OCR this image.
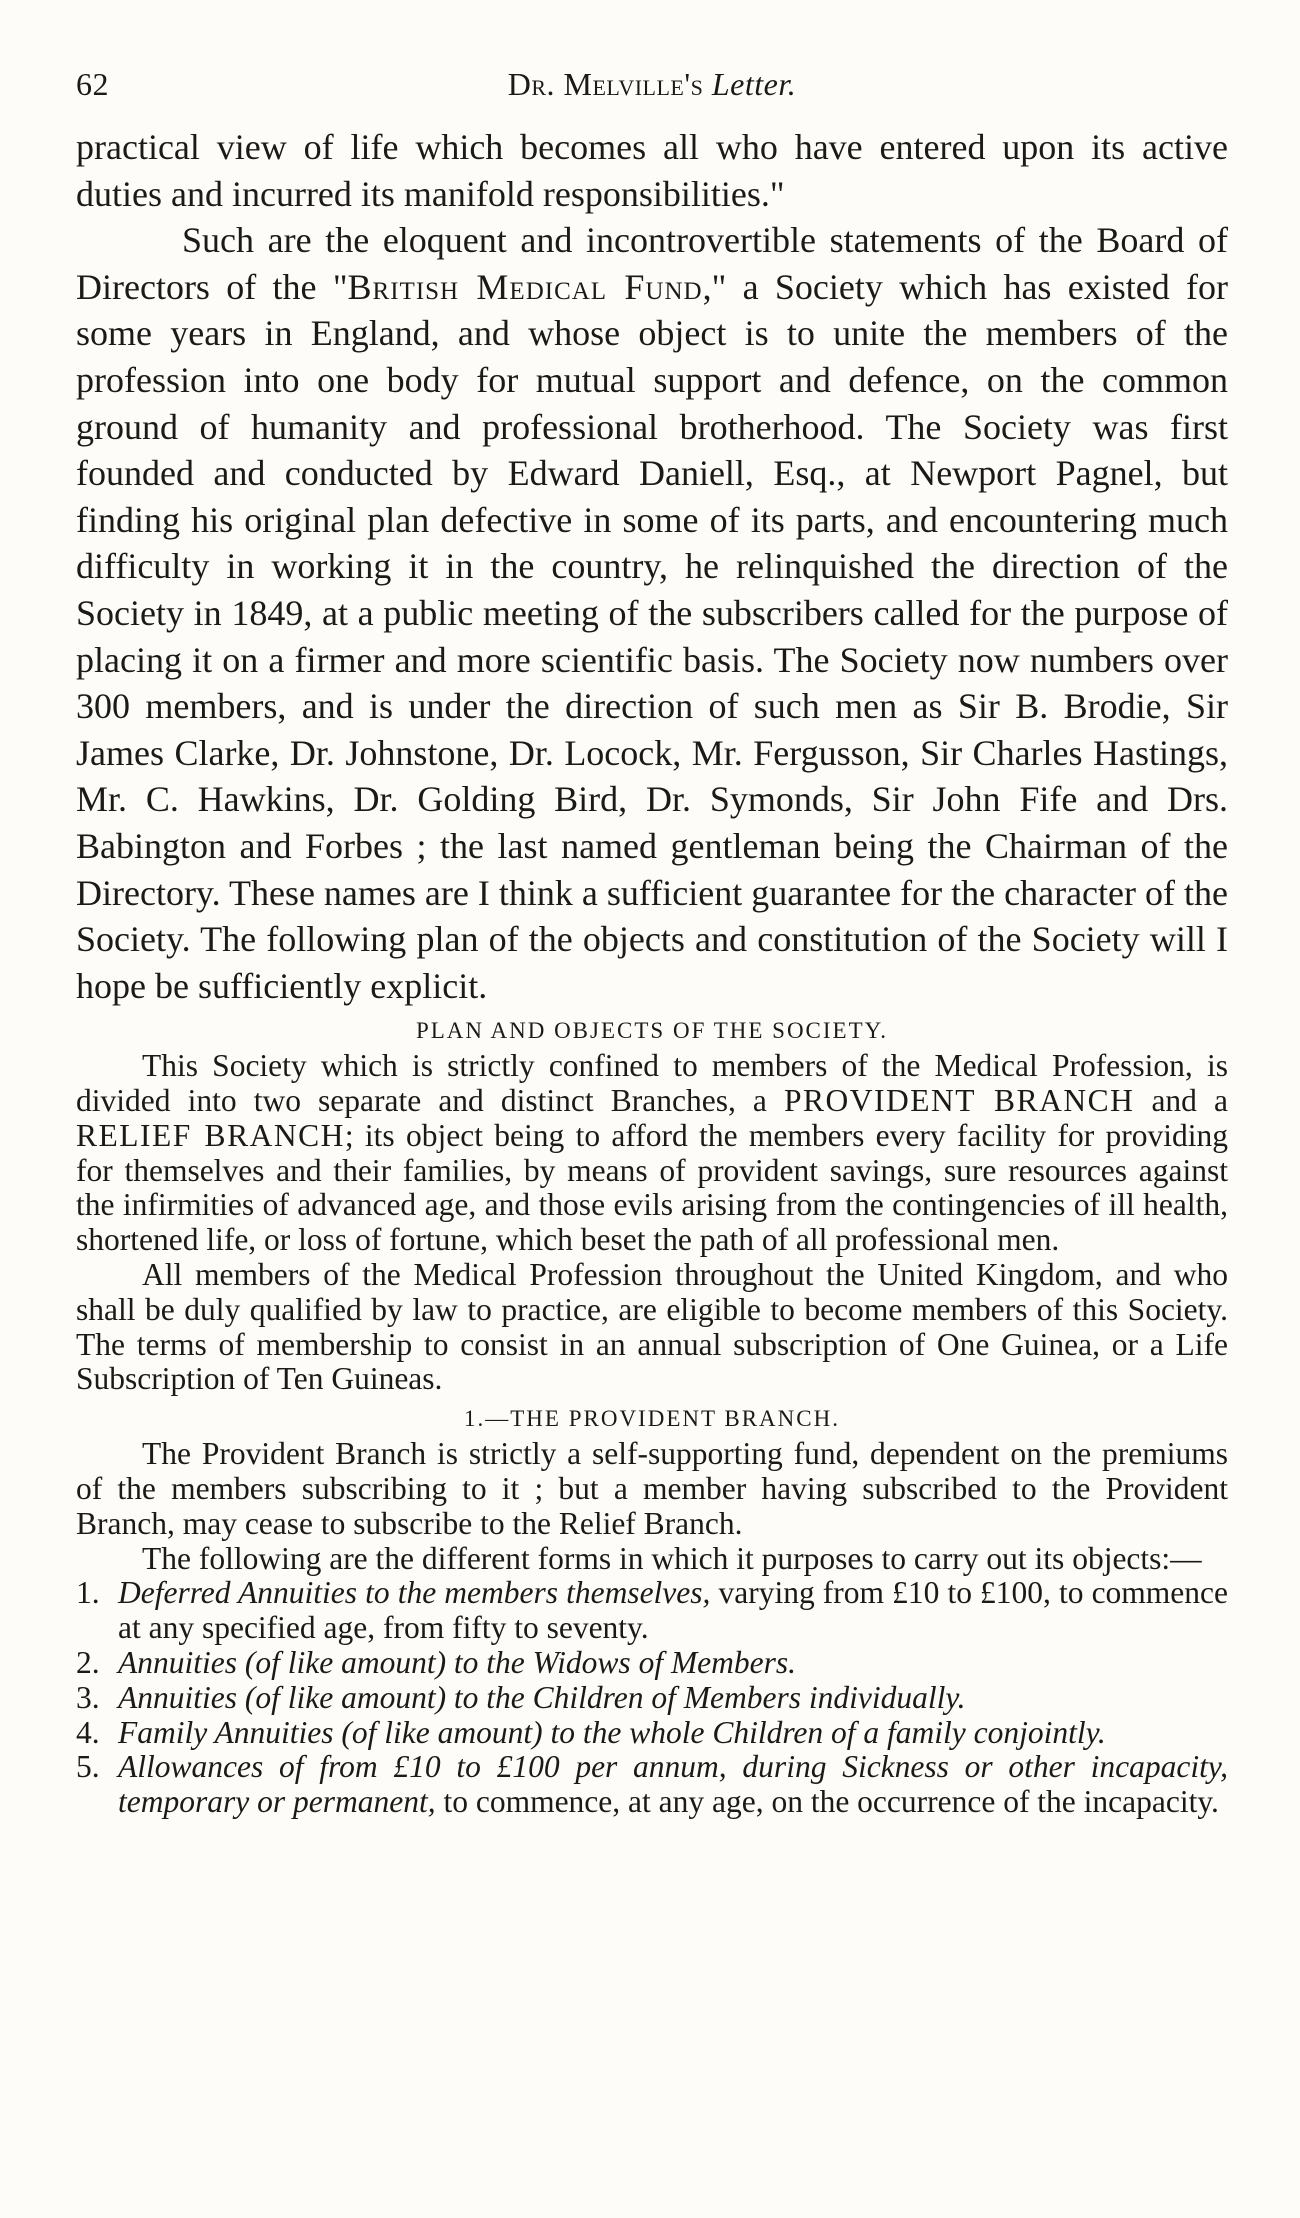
62	Dr. Melville's Letter.

practical view of life which becomes all who have entered upon its active duties and incurred its manifold responsibilities."

Such are the eloquent and incontrovertible statements of the Board of Directors of the "British Medical Fund," a Society which has existed for some years in England, and whose object is to unite the members of the profession into one body for mutual support and defence, on the common ground of humanity and professional brotherhood. The Society was first founded and conducted by Edward Daniell, Esq., at Newport Pagnel, but finding his original plan defective in some of its parts, and encountering much difficulty in working it in the country, he relinquished the direction of the Society in 1849, at a public meeting of the subscribers called for the purpose of placing it on a firmer and more scientific basis. The Society now numbers over 300 members, and is under the direction of such men as Sir B. Brodie, Sir James Clarke, Dr. Johnstone, Dr. Locock, Mr. Fergusson, Sir Charles Hastings, Mr. C. Hawkins, Dr. Golding Bird, Dr. Symonds, Sir John Fife and Drs. Babington and Forbes ; the last named gentleman being the Chairman of the Directory. These names are I think a sufficient guarantee for the character of the Society. The following plan of the objects and constitution of the Society will I hope be sufficiently explicit.

PLAN AND OBJECTS OF THE SOCIETY.

This Society which is strictly confined to members of the Medical Profession, is divided into two separate and distinct Branches, a PROVIDENT BRANCH and a RELIEF BRANCH; its object being to afford the members every facility for providing for themselves and their families, by means of provident savings, sure resources against the infirmities of advanced age, and those evils arising from the contingencies of ill health, shortened life, or loss of fortune, which beset the path of all professional men.

All members of the Medical Profession throughout the United Kingdom, and who shall be duly qualified by law to practice, are eligible to become members of this Society. The terms of membership to consist in an annual subscription of One Guinea, or a Life Subscription of Ten Guineas.

1.—THE PROVIDENT BRANCH.

The Provident Branch is strictly a self-supporting fund, dependent on the premiums of the members subscribing to it ; but a member having subscribed to the Provident Branch, may cease to subscribe to the Relief Branch.

The following are the different forms in which it purposes to carry out its objects:—

1. Deferred Annuities to the members themselves, varying from £10 to £100, to commence at any specified age, from fifty to seventy.
2. Annuities (of like amount) to the Widows of Members.
3. Annuities (of like amount) to the Children of Members individually.
4. Family Annuities (of like amount) to the whole Children of a family conjointly.
5. Allowances of from £10 to £100 per annum, during Sickness or other incapacity, temporary or permanent, to commence, at any age, on the occurrence of the incapacity.
